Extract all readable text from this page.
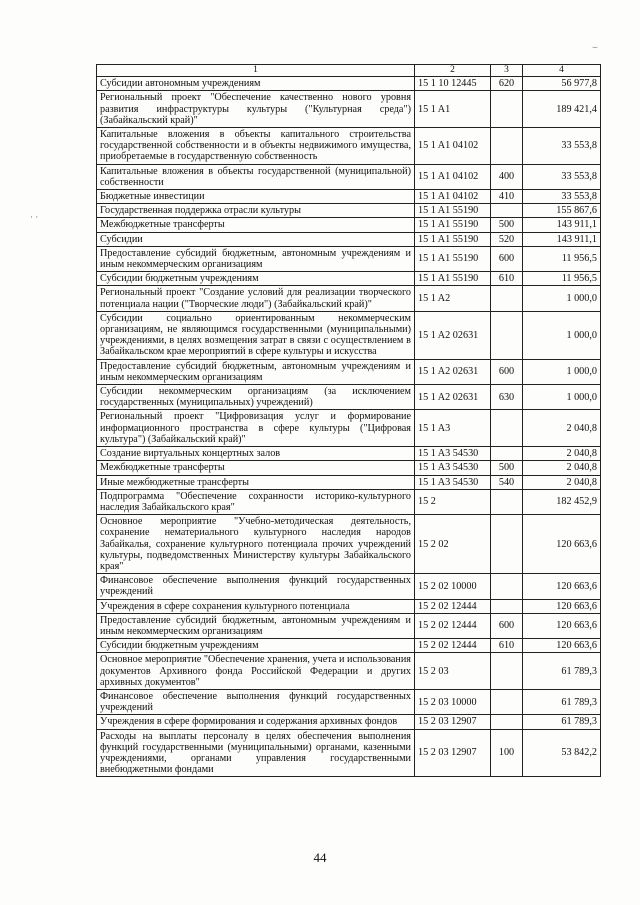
⌣
· ·
1	2	3	4
Субсидии автономным учреждениям	15 1 10 12445	620	56 977,8
Региональный проект "Обеспечение качественно нового уровня развития инфраструктуры культуры ("Культурная среда") (Забайкальский край)"	15 1 A1		189 421,4
Капитальные вложения в объекты капитального строительства государственной собственности и в объекты недвижимого имущества, приобретаемые в государственную собственность	15 1 A1 04102		33 553,8
Капитальные вложения в объекты государственной (муниципальной) собственности	15 1 A1 04102	400	33 553,8
Бюджетные инвестиции	15 1 A1 04102	410	33 553,8
Государственная поддержка отрасли культуры	15 1 A1 55190		155 867,6
Межбюджетные трансферты	15 1 A1 55190	500	143 911,1
Субсидии	15 1 A1 55190	520	143 911,1
Предоставление субсидий бюджетным, автономным учреждениям и иным некоммерческим организациям	15 1 A1 55190	600	11 956,5
Субсидии бюджетным учреждениям	15 1 A1 55190	610	11 956,5
Региональный проект "Создание условий для реализации творческого потенциала нации ("Творческие люди") (Забайкальский край)"	15 1 A2		1 000,0
Субсидии социально ориентированным некоммерческим организациям, не являющимся государственными (муниципальными) учреждениями, в целях возмещения затрат в связи с осуществлением в Забайкальском крае мероприятий в сфере культуры и искусства	15 1 A2 02631		1 000,0
Предоставление субсидий бюджетным, автономным учреждениям и иным некоммерческим организациям	15 1 A2 02631	600	1 000,0
Субсидии некоммерческим организациям (за исключением государственных (муниципальных) учреждений)	15 1 A2 02631	630	1 000,0
Региональный проект "Цифровизация услуг и формирование информационного пространства в сфере культуры ("Цифровая культура") (Забайкальский край)"	15 1 A3		2 040,8
Создание виртуальных концертных залов	15 1 A3 54530		2 040,8
Межбюджетные трансферты	15 1 A3 54530	500	2 040,8
Иные межбюджетные трансферты	15 1 A3 54530	540	2 040,8
Подпрограмма "Обеспечение сохранности историко-культурного наследия Забайкальского края"	15 2		182 452,9
Основное мероприятие "Учебно-методическая деятельность, сохранение нематериального культурного наследия народов Забайкалья, сохранение культурного потенциала прочих учреждений культуры, подведомственных Министерству культуры Забайкальского края"	15 2 02		120 663,6
Финансовое обеспечение выполнения функций государственных учреждений	15 2 02 10000		120 663,6
Учреждения в сфере сохранения культурного потенциала	15 2 02 12444		120 663,6
Предоставление субсидий бюджетным, автономным учреждениям и иным некоммерческим организациям	15 2 02 12444	600	120 663,6
Субсидии бюджетным учреждениям	15 2 02 12444	610	120 663,6
Основное мероприятие "Обеспечение хранения, учета и использования документов Архивного фонда Российской Федерации и других архивных документов"	15 2 03		61 789,3
Финансовое обеспечение выполнения функций государственных учреждений	15 2 03 10000		61 789,3
Учреждения в сфере формирования и содержания архивных фондов	15 2 03 12907		61 789,3
Расходы на выплаты персоналу в целях обеспечения выполнения функций государственными (муниципальными) органами, казенными учреждениями, органами управления государственными внебюджетными фондами	15 2 03 12907	100	53 842,2
44
